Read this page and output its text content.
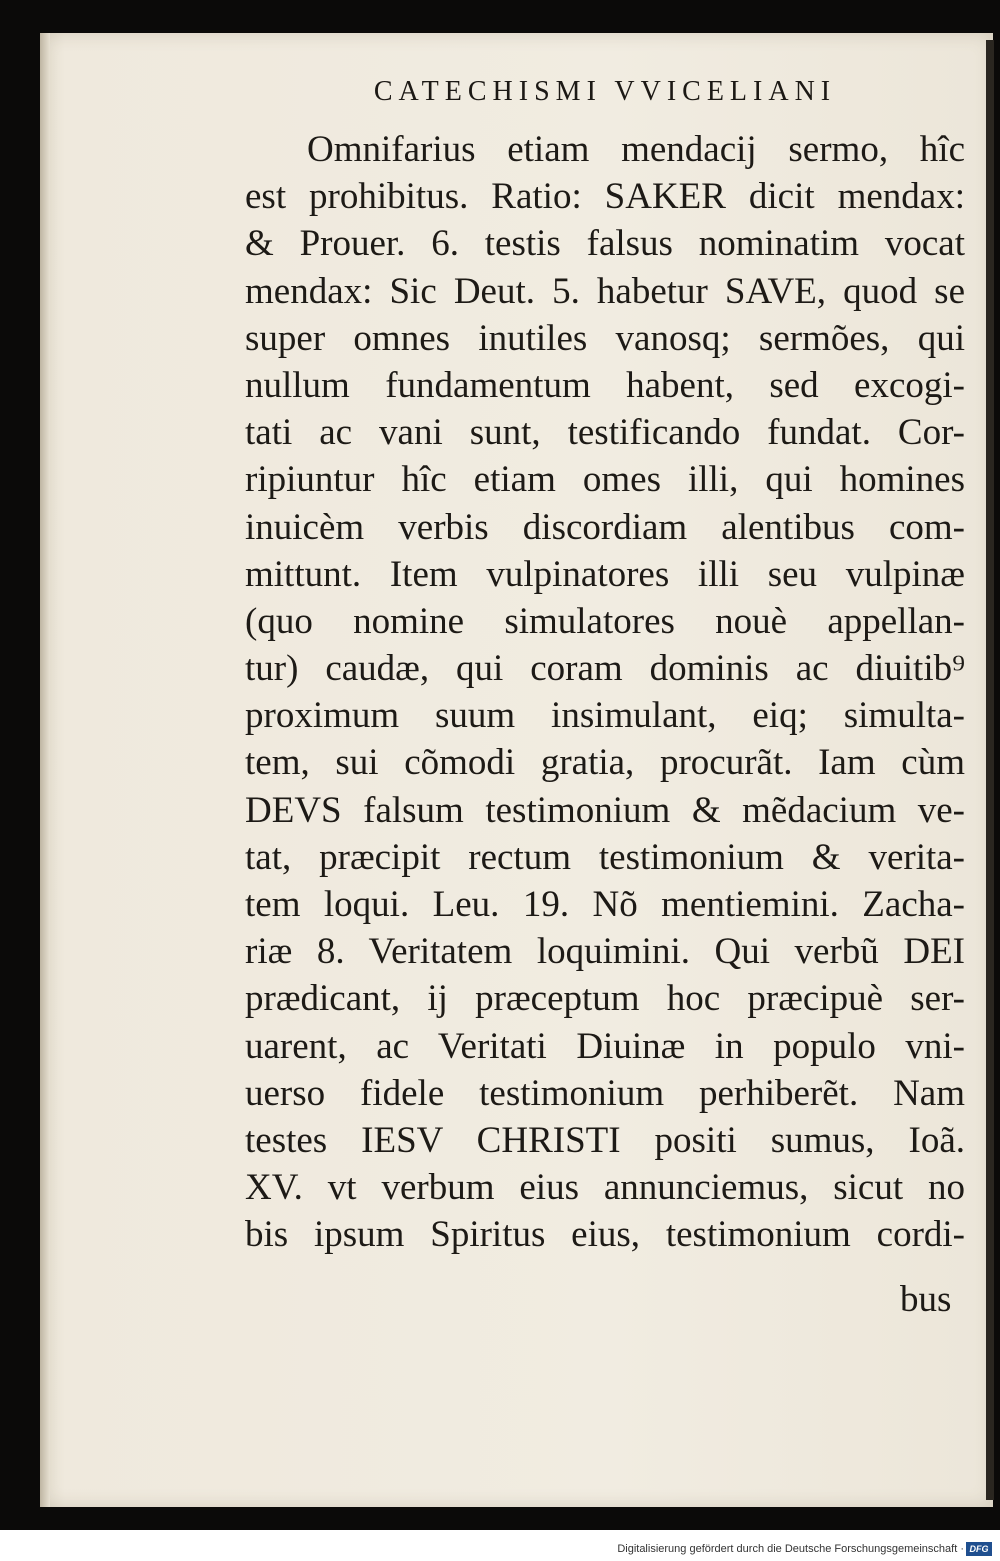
CATECHISMI VVICELIANI
Omnifarius etiam mendacij sermo, hîc
est prohibitus. Ratio: SAKER dicit mendax:
& Prouer. 6. testis falsus nominatim vocat
mendax: Sic Deut. 5. habetur SAVE, quod se
super omnes inutiles vanosq; sermões, qui
nullum fundamentum habent, sed excogi-
tati ac vani sunt, testificando fundat. Cor-
ripiuntur hîc etiam omes illi, qui homines
inuicèm verbis discordiam alentibus com-
mittunt. Item vulpinatores illi seu vulpinæ
(quo nomine simulatores nouè appellan-
tur) caudæ, qui coram dominis ac diuitib⁹
proximum suum insimulant, eiq; simulta-
tem, sui cõmodi gratia, procurãt. Iam cùm
DEVS falsum testimonium & mẽdacium ve-
tat, præcipit rectum testimonium & verita-
tem loqui. Leu. 19. Nõ mentiemini. Zacha-
riæ 8. Veritatem loquimini. Qui verbũ DEI
prædicant, ij præceptum hoc præcipuè ser-
uarent, ac Veritati Diuinæ in populo vni-
uerso fidele testimonium perhiberẽt. Nam
testes IESV CHRISTI positi sumus, Ioã.
XV. vt verbum eius annunciemus, sicut no
bis ipsum Spiritus eius, testimonium cordi-
bus
Digitalisierung gefördert durch die Deutsche Forschungsgemeinschaft · DFG
